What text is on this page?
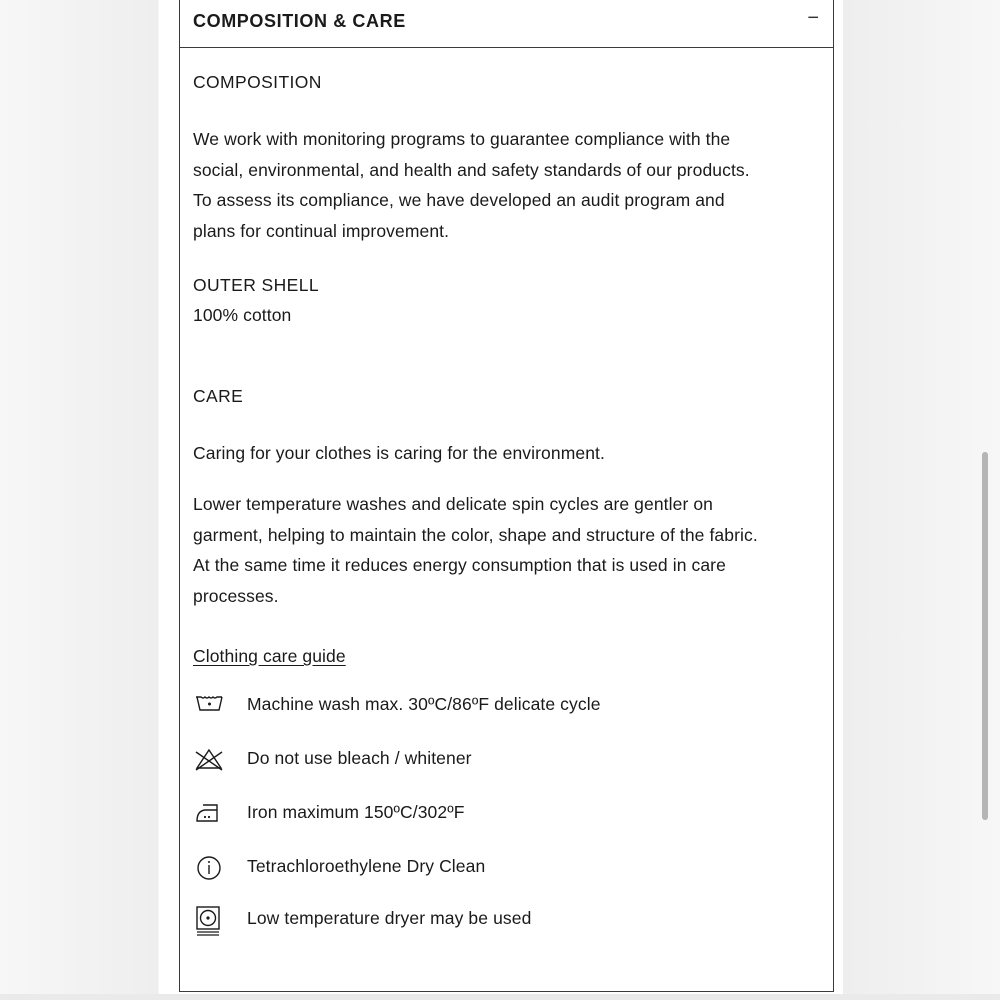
COMPOSITION & CARE	−
COMPOSITION
We work with monitoring programs to guarantee compliance with the
social, environmental, and health and safety standards of our products.
To assess its compliance, we have developed an audit program and
plans for continual improvement.
OUTER SHELL
100% cotton
CARE
Caring for your clothes is caring for the environment.
Lower temperature washes and delicate spin cycles are gentler on
garment, helping to maintain the color, shape and structure of the fabric.
At the same time it reduces energy consumption that is used in care
processes.
Clothing care guide
Machine wash max. 30ºC/86ºF delicate cycle
Do not use bleach / whitener
Iron maximum 150ºC/302ºF
Tetrachloroethylene Dry Clean
Low temperature dryer may be used
